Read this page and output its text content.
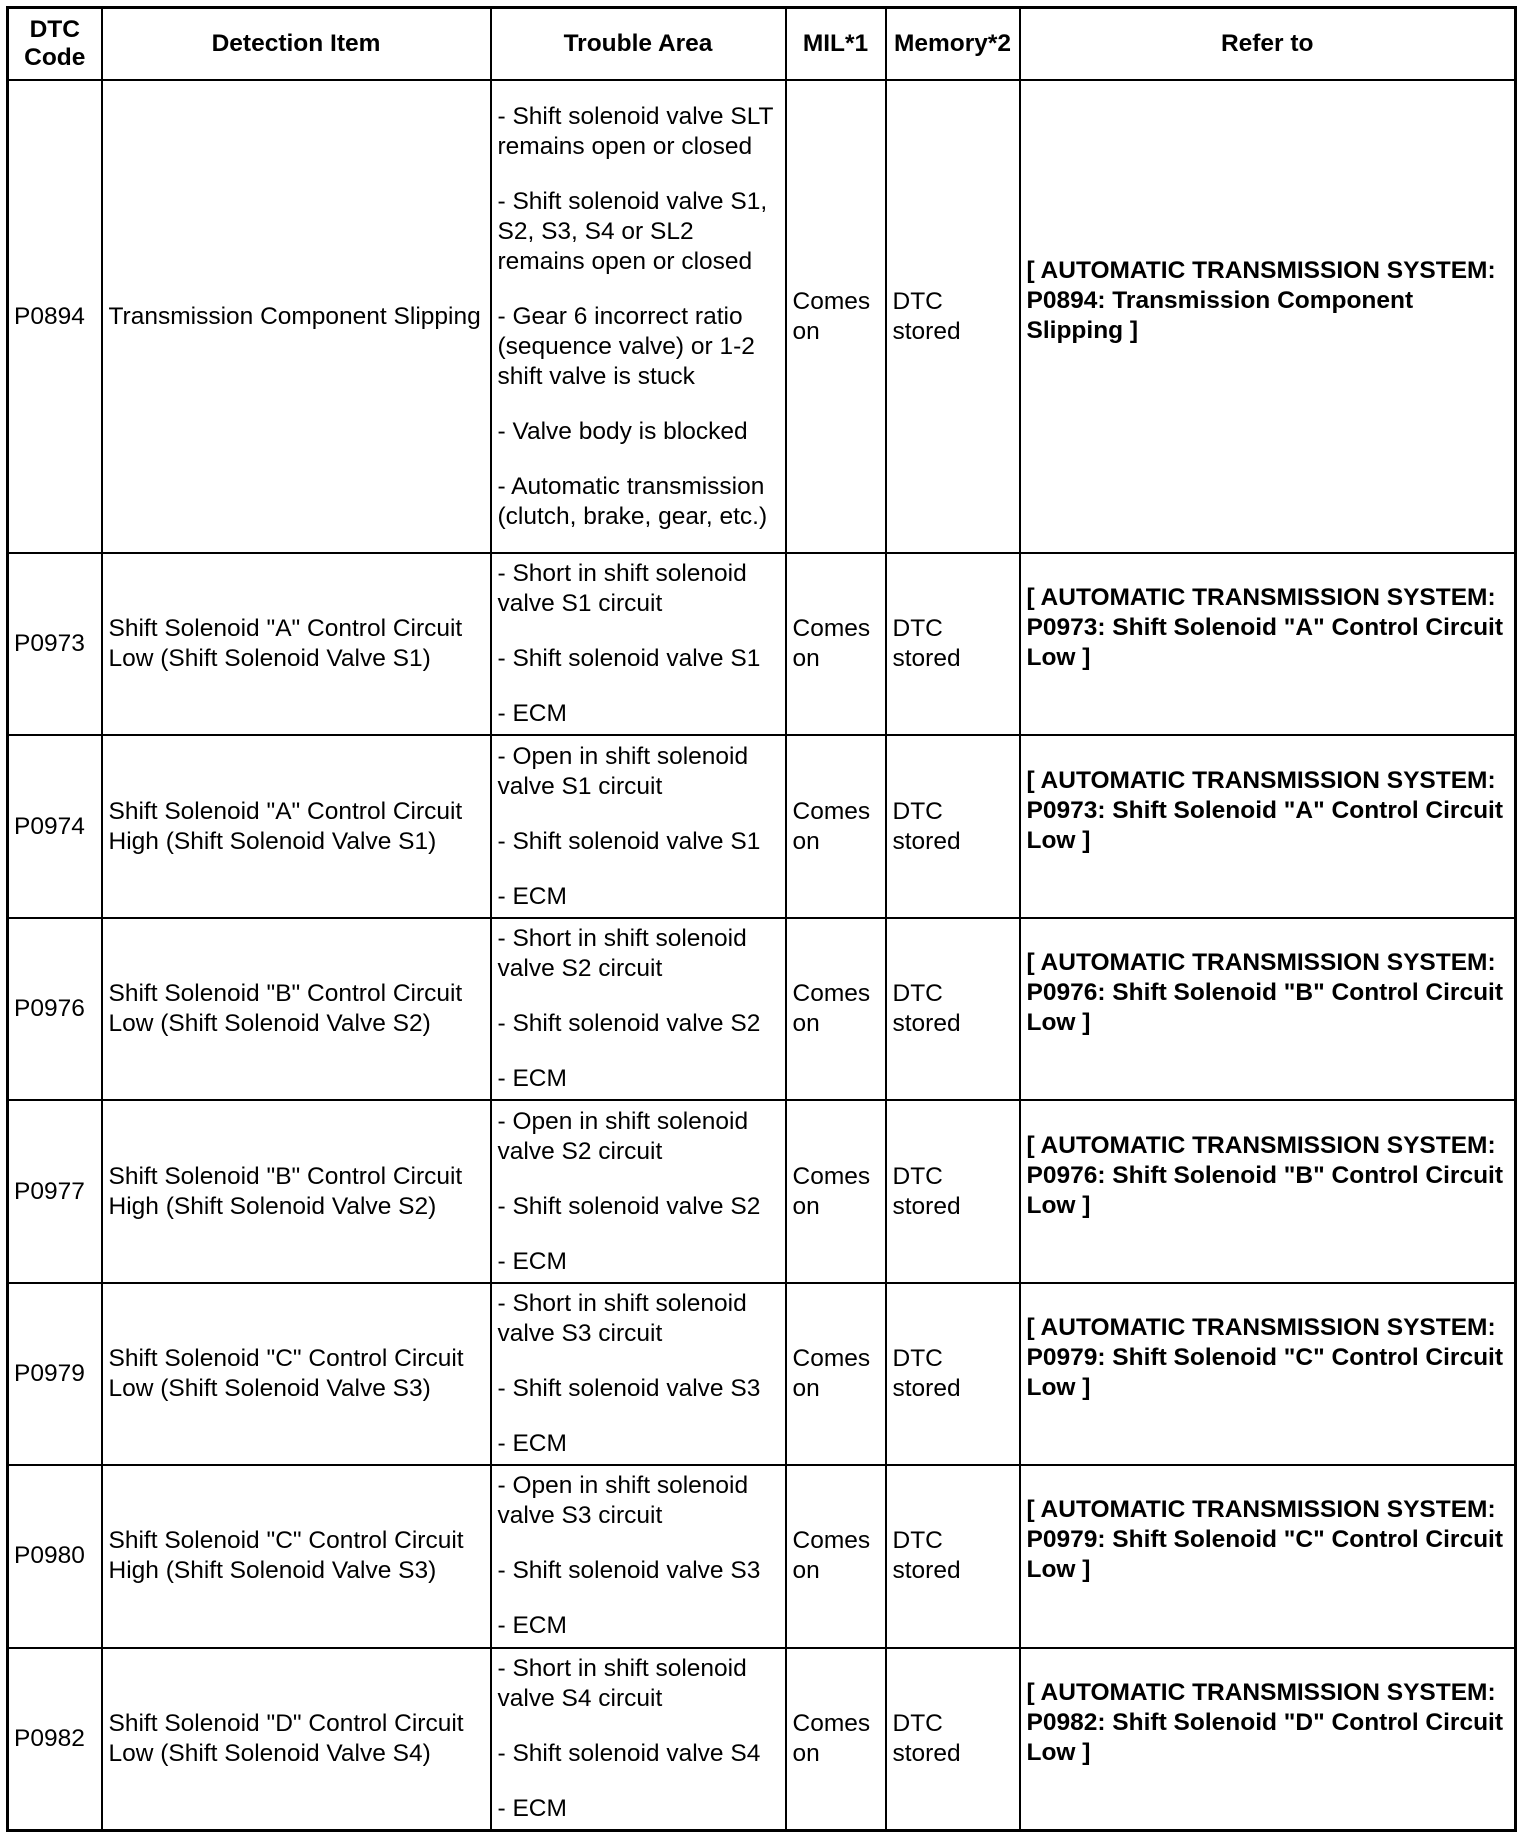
DTC Code	Detection Item	Trouble Area	MIL*1	Memory*2	Refer to
P0894	Transmission Component Slipping	- Shift solenoid valve SLT remains open or closed
- Shift solenoid valve S1, S2, S3, S4 or SL2 remains open or closed
- Gear 6 incorrect ratio (sequence valve) or 1-2 shift valve is stuck
- Valve body is blocked
- Automatic transmission (clutch, brake, gear, etc.)	Comes on	DTC stored	[ AUTOMATIC TRANSMISSION SYSTEM: P0894: Transmission Component Slipping ]
P0973	Shift Solenoid "A" Control Circuit Low (Shift Solenoid Valve S1)	- Short in shift solenoid valve S1 circuit
- Shift solenoid valve S1
- ECM	Comes on	DTC stored	[ AUTOMATIC TRANSMISSION SYSTEM: P0973: Shift Solenoid "A" Control Circuit Low ]
P0974	Shift Solenoid "A" Control Circuit High (Shift Solenoid Valve S1)	- Open in shift solenoid valve S1 circuit
- Shift solenoid valve S1
- ECM	Comes on	DTC stored	[ AUTOMATIC TRANSMISSION SYSTEM: P0973: Shift Solenoid "A" Control Circuit Low ]
P0976	Shift Solenoid "B" Control Circuit Low (Shift Solenoid Valve S2)	- Short in shift solenoid valve S2 circuit
- Shift solenoid valve S2
- ECM	Comes on	DTC stored	[ AUTOMATIC TRANSMISSION SYSTEM: P0976: Shift Solenoid "B" Control Circuit Low ]
P0977	Shift Solenoid "B" Control Circuit High (Shift Solenoid Valve S2)	- Open in shift solenoid valve S2 circuit
- Shift solenoid valve S2
- ECM	Comes on	DTC stored	[ AUTOMATIC TRANSMISSION SYSTEM: P0976: Shift Solenoid "B" Control Circuit Low ]
P0979	Shift Solenoid "C" Control Circuit Low (Shift Solenoid Valve S3)	- Short in shift solenoid valve S3 circuit
- Shift solenoid valve S3
- ECM	Comes on	DTC stored	[ AUTOMATIC TRANSMISSION SYSTEM: P0979: Shift Solenoid "C" Control Circuit Low ]
P0980	Shift Solenoid "C" Control Circuit High (Shift Solenoid Valve S3)	- Open in shift solenoid valve S3 circuit
- Shift solenoid valve S3
- ECM	Comes on	DTC stored	[ AUTOMATIC TRANSMISSION SYSTEM: P0979: Shift Solenoid "C" Control Circuit Low ]
P0982	Shift Solenoid "D" Control Circuit Low (Shift Solenoid Valve S4)	- Short in shift solenoid valve S4 circuit
- Shift solenoid valve S4
- ECM	Comes on	DTC stored	[ AUTOMATIC TRANSMISSION SYSTEM: P0982: Shift Solenoid "D" Control Circuit Low ]
